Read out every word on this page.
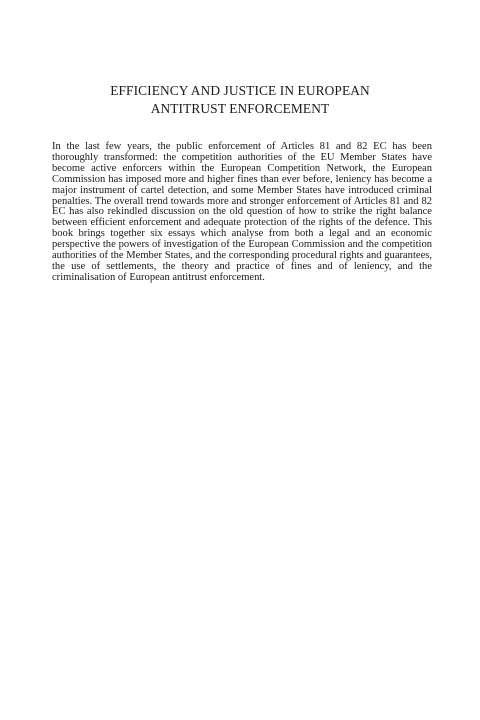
EFFICIENCY AND JUSTICE IN EUROPEAN
ANTITRUST ENFORCEMENT

In the last few years, the public enforcement of Articles 81 and 82 EC has been thoroughly transformed: the competition authorities of the EU Member States have become active enforcers within the European Competition Network, the European Commission has imposed more and higher fines than ever before, leniency has become a major instrument of cartel detection, and some Member States have introduced criminal penalties. The overall trend towards more and stronger enforcement of Articles 81 and 82 EC has also rekindled discussion on the old question of how to strike the right balance between efficient enforcement and adequate protection of the rights of the defence. This book brings together six essays which analyse from both a legal and an economic perspective the powers of investigation of the European Commission and the competition authorities of the Member States, and the corresponding procedural rights and guarantees, the use of settlements, the theory and practice of fines and of leniency, and the criminalisation of European antitrust enforcement.
